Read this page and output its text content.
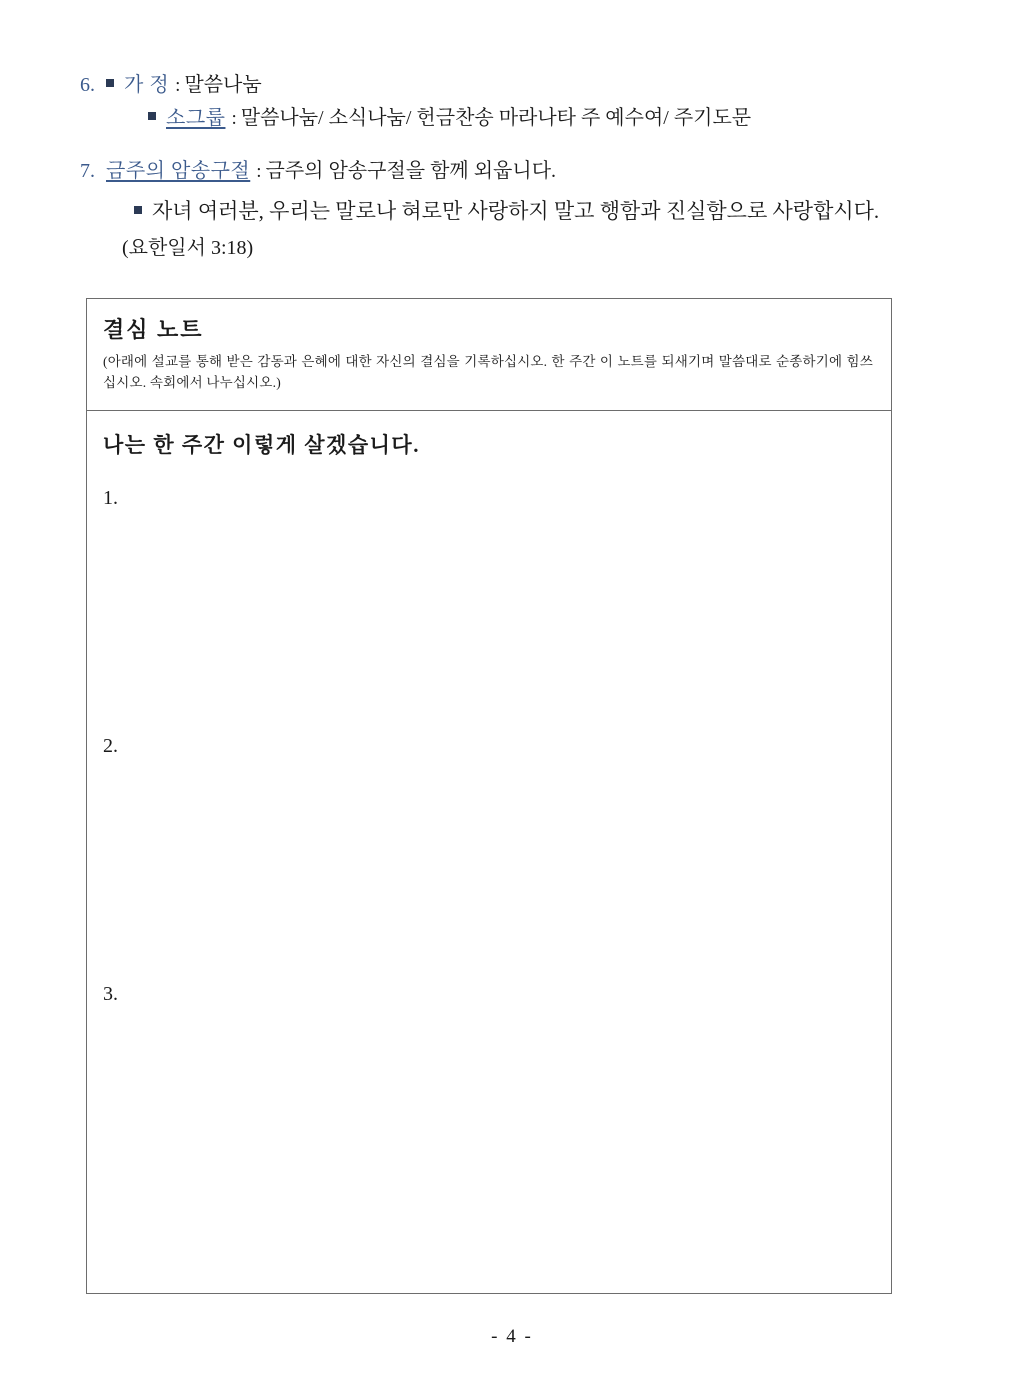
6.	가 정 : 말씀나눔
소그룹 : 말씀나눔/ 소식나눔/ 헌금찬송 마라나타 주 예수여/ 주기도문
7. 금주의 암송구절 : 금주의 암송구절을 함께 외웁니다.
자녀 여러분, 우리는 말로나 혀로만 사랑하지 말고 행함과 진실함으로 사랑합시다.
(요한일서 3:18)
결심 노트
(아래에 설교를 통해 받은 감동과 은혜에 대한 자신의 결심을 기록하십시오. 한 주간 이 노트를 되새기며 말씀대로 순종하기에 힘쓰십시오. 속회에서 나누십시오.)
나는 한 주간 이렇게 살겠습니다.
1.
2.
3.
- 4 -
